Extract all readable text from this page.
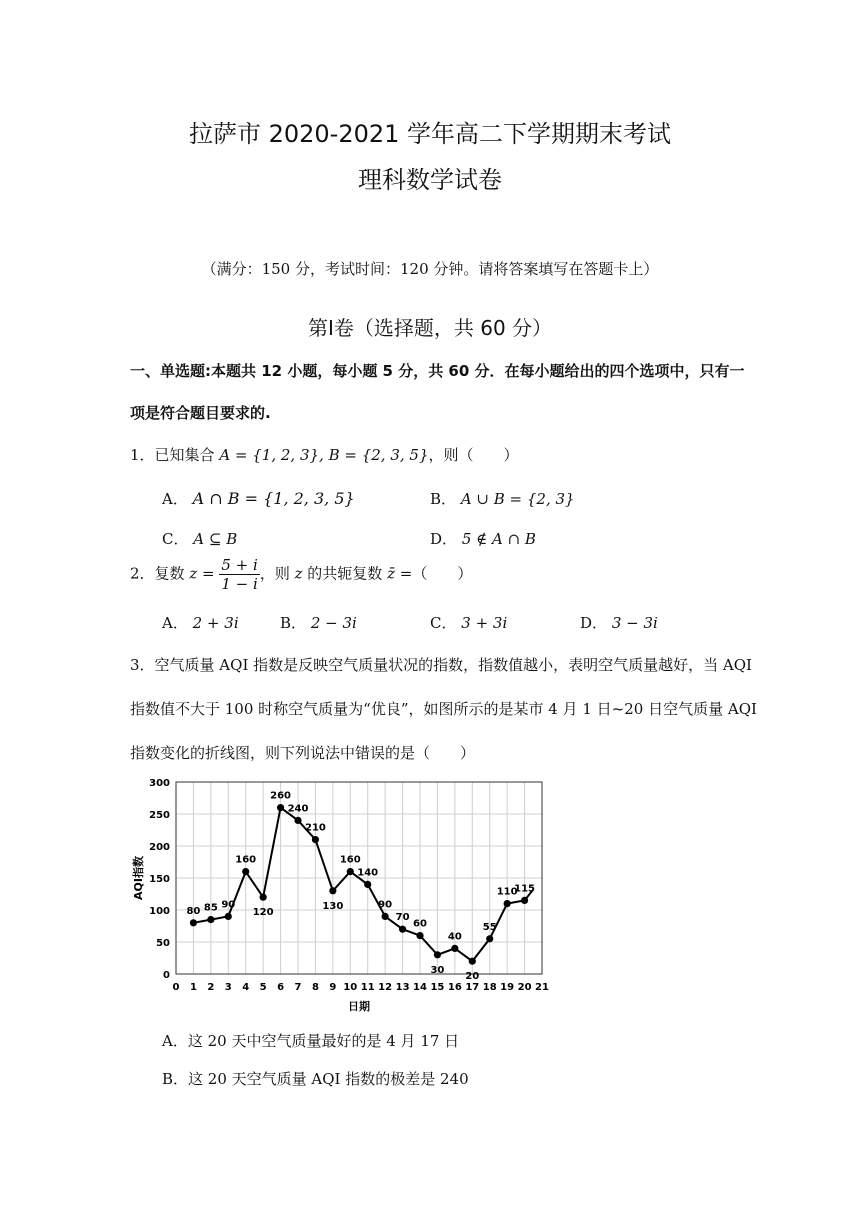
拉萨市 2020-2021 学年高二下学期期末考试
理科数学试卷
（满分：150 分，考试时间：120 分钟。请将答案填写在答题卡上）
第Ⅰ卷（选择题，共 60 分）
一、单选题:本题共 12 小题，每小题 5 分，共 60 分．在每小题给出的四个选项中，只有一
项是符合题目要求的.
1．已知集合 A = {1, 2, 3}, B = {2, 3, 5}，则（　　）
A． A ∩ B = {1, 2, 3, 5}	B． A ∪ B = {2, 3}
C． A ⊆ B	D． 5 ∉ A ∩ B
2．复数 $z = \frac{5 + i}{1 - i}$ ，则 z 的共轭复数 z̄ =（　　）
A． 2 + 3i	B． 2 − 3i	C． 3 + 3i	D． 3 − 3i
3．空气质量 AQI 指数是反映空气质量状况的指数，指数值越小，表明空气质量越好，当 AQI
指数值不大于 100 时称空气质量为“优良”，如图所示的是某市 4 月 1 日~20 日空气质量 AQI
指数变化的折线图，则下列说法中错误的是（　　）
0 1 2 3 4 5 6 7 8 9 10 11 12 13 14 15 16 17 18 19 20 21
0
50
100
150
200
250
300
日期
AQI指数
80 85 90
160
120
260
240
210
130
160
140
90
70
60
30
40
20
55
110
115
A．这 20 天中空气质量最好的是 4 月 17 日
B．这 20 天空气质量 AQI 指数的极差是 240
